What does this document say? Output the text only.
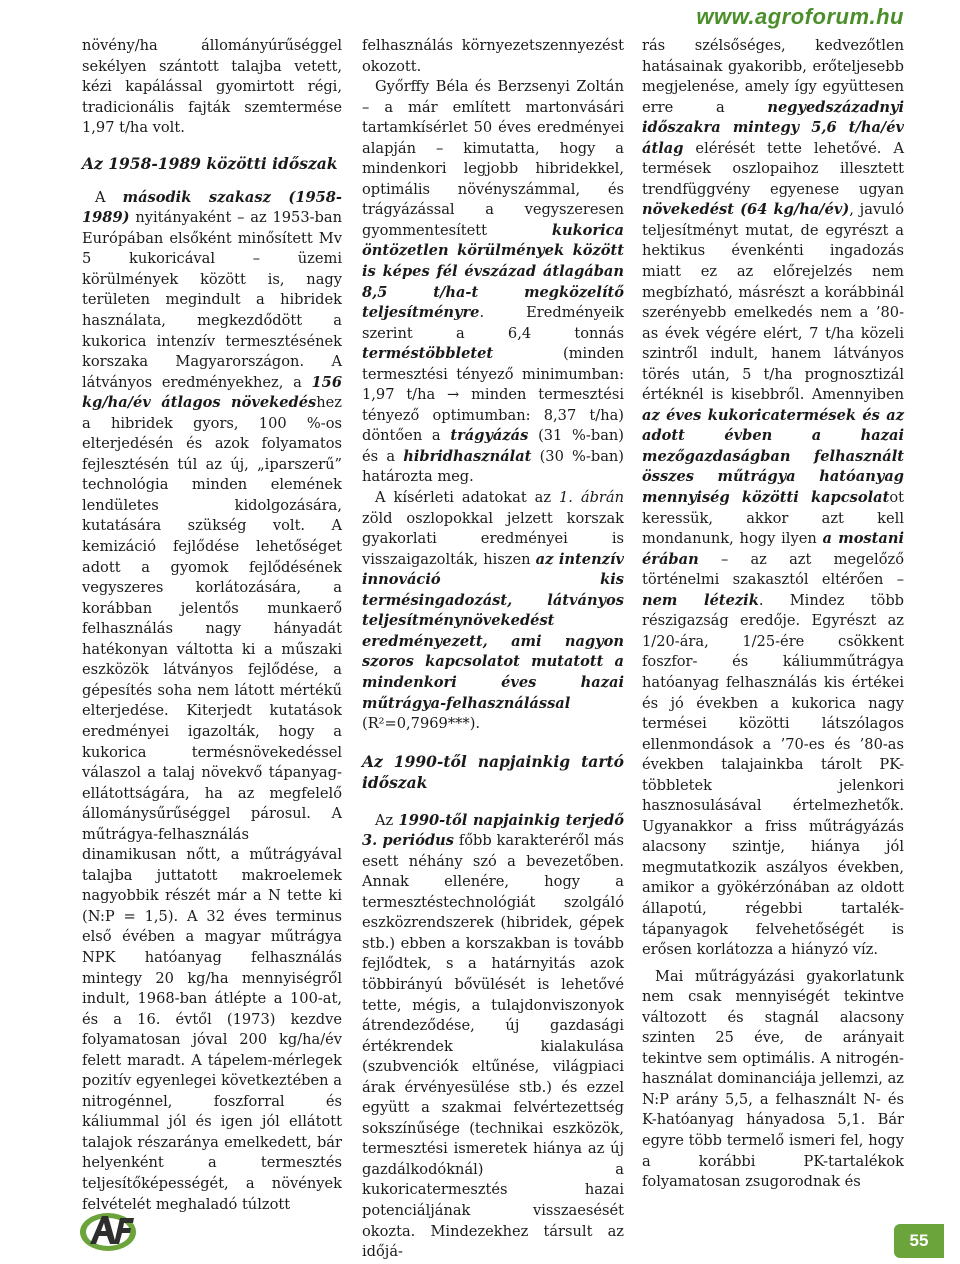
www.agroforum.hu

növény/ha állományúrűséggel sekélyen szántott talajba vetett, kézi kapálással gyomirtott régi, tradicionális fajták szemtermése 1,97 t/ha volt.

Az 1958-1989 közötti időszak

A második szakasz (1958-1989) nyitányaként – az 1953-ban Európában elsőként minősített Mv 5 kukoricával – üzemi körülmények között is, nagy területen megindult a hibridek használata, megkezdődött a kukorica intenzív termesztésének korszaka Magyarországon. A látványos eredményekhez, a 156 kg/ha/év átlagos növekedéshez a hibridek gyors, 100 %-os elterjedésén és azok folyamatos fejlesztésén túl az új, „iparszerű” technológia minden elemének lendületes kidolgozására, kutatására szükség volt. A kemizáció fejlődése lehetőséget adott a gyomok fejlődésének vegyszeres korlátozására, a korábban jelentős munkaerő felhasználás nagy hányadát hatékonyan váltotta ki a műszaki eszközök látványos fejlődése, a gépesítés soha nem látott mértékű elterjedése. Kiterjedt kutatások eredményei igazolták, hogy a kukorica termésnövekedéssel válaszol a talaj növekvő tápanyag-ellátottságára, ha az megfelelő állománysűrűséggel párosul. A műtrágya-felhasználás dinamikusan nőtt, a műtrágyával talajba juttatott makroelemek nagyobbik részét már a N tette ki (N:P = 1,5). A 32 éves terminus első évében a magyar műtrágya NPK hatóanyag felhasználás mintegy 20 kg/ha mennyiségről indult, 1968-ban átlépte a 100-at, és a 16. évtől (1973) kezdve folyamatosan jóval 200 kg/ha/év felett maradt. A tápelem-mérlegek pozitív egyenlegei következtében a nitrogénnel, foszforral és káliummal jól és igen jól ellátott talajok részaránya emelkedett, bár helyenként a termesztés teljesítőképességét, a növények felvételét meghaladó túlzott

felhasználás környezetszennyezést okozott.

Győrffy Béla és Berzsenyi Zoltán – a már említett martonvásári tartamkísérlet 50 éves eredményei alapján – kimutatta, hogy a mindenkori legjobb hibridekkel, optimális növényszámmal, és trágyázással a vegyszeresen gyommentesített kukorica öntözetlen körülmények között is képes fél évszázad átlagában 8,5 t/ha-t megközelítő teljesítményre. Eredményeik szerint a 6,4 tonnás terméstöbbletet (minden termesztési tényező minimumban: 1,97 t/ha → minden termesztési tényező optimumban: 8,37 t/ha) döntően a trágyázás (31 %-ban) és a hibridhasználat (30 %-ban) határozta meg.

A kísérleti adatokat az 1. ábrán zöld oszlopokkal jelzett korszak gyakorlati eredményei is visszaigazolták, hiszen az intenzív innováció kis termésingadozást, látványos teljesítménynövekedést eredményezett, ami nagyon szoros kapcsolatot mutatott a mindenkori éves hazai műtrágya-felhasználással (R²=0,7969***).

Az 1990-től napjainkig tartó időszak

Az 1990-től napjainkig terjedő 3. periódus főbb karakteréről más esett néhány szó a bevezetőben. Annak ellenére, hogy a termesztéstechnológiát szolgáló eszközrendszerek (hibridek, gépek stb.) ebben a korszakban is tovább fejlődtek, s a határnyitás azok többirányú bővülését is lehetővé tette, mégis, a tulajdonviszonyok átrendeződése, új gazdasági értékrendek kialakulása (szubvenciók eltűnése, világpiaci árak érvényesülése stb.) és ezzel együtt a szakmai felvértezettség sokszínűsége (technikai eszközök, termesztési ismeretek hiánya az új gazdálkodóknál) a kukoricatermesztés hazai potenciáljának visszaesését okozta. Mindezekhez társult az időjá-

rás szélsőséges, kedvezőtlen hatásainak gyakoribb, erőteljesebb megjelenése, amely így együttesen erre a negyedszázadnyi időszakra mintegy 5,6 t/ha/év átlag elérését tette lehetővé. A termések oszlopaihoz illesztett trendfüggvény egyenese ugyan növekedést (64 kg/ha/év), javuló teljesítményt mutat, de egyrészt a hektikus évenkénti ingadozás miatt ez az előrejelzés nem megbízható, másrészt a korábbinál szerényebb emelkedés nem a ’80-as évek végére elért, 7 t/ha közeli szintről indult, hanem látványos törés után, 5 t/ha prognosztizál értéknél is kisebbről. Amennyiben az éves kukoricatermések és az adott évben a hazai mezőgazdaságban felhasznált összes műtrágya hatóanyag mennyiség közötti kapcsolatot keressük, akkor azt kell mondanunk, hogy ilyen a mostani érában – az azt megelőző történelmi szakasztól eltérően – nem létezik. Mindez több részigazság eredője. Egyrészt az 1/20-ára, 1/25-ére csökkent foszfor- és káliumműtrágya hatóanyag felhasználás kis értékei és jó években a kukorica nagy termései közötti látszólagos ellenmondások a ’70-es és ’80-as években talajainkba tárolt PK-többletek jelenkori hasznosulásával értelmezhetők. Ugyanakkor a friss műtrágyázás alacsony szintje, hiánya jól megmutatkozik aszályos években, amikor a gyökérzónában az oldott állapotú, régebbi tartalék-tápanyagok felvehetőségét is erősen korlátozza a hiányzó víz.

Mai műtrágyázási gyakorlatunk nem csak mennyiségét tekintve változott és stagnál alacsony szinten 25 éve, de arányait tekintve sem optimális. A nitrogén-használat dominanciája jellemzi, az N:P arány 5,5, a felhasznált N- és K-hatóanyag hányadosa 5,1. Bár egyre több termelő ismeri fel, hogy a korábbi PK-tartalékok folyamatosan zsugorodnak és

55
